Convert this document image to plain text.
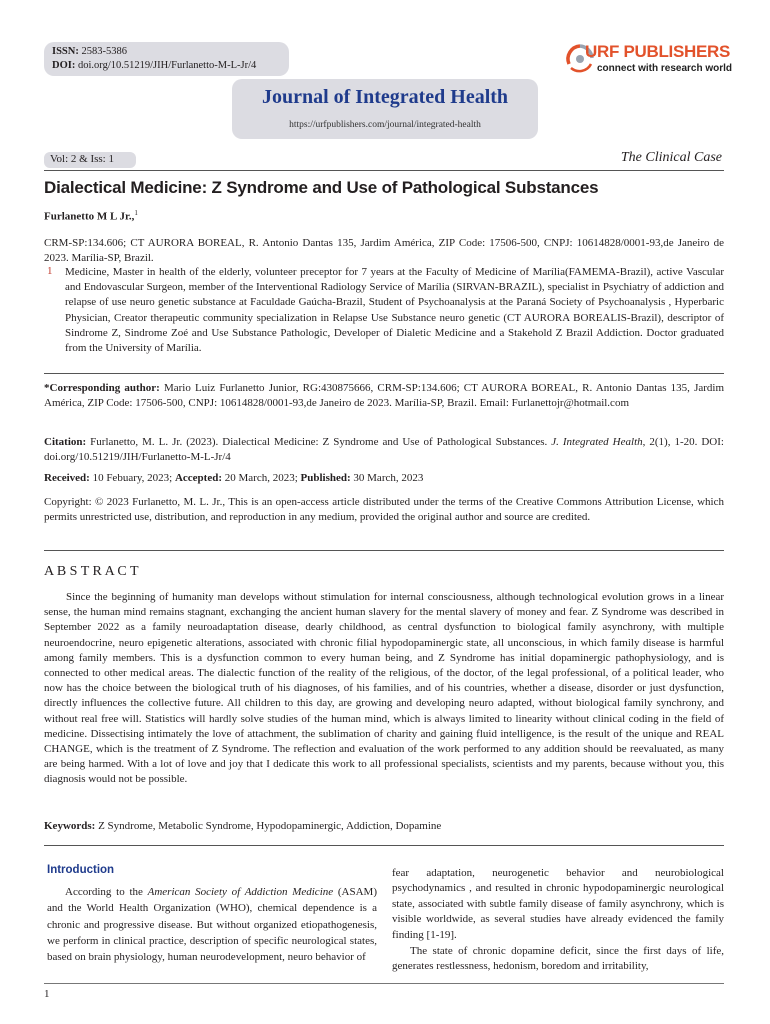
ISSN: 2583-5386
DOI: doi.org/10.51219/JIH/Furlanetto-M-L-Jr/4
URF PUBLISHERS
connect with research world
Journal of Integrated Health
https://urfpublishers.com/journal/integrated-health
Vol: 2 & Iss: 1	The Clinical Case
Dialectical Medicine: Z Syndrome and Use of Pathological Substances
Furlanetto M L Jr.,$^1$
CRM-SP:134.606; CT AURORA BOREAL, R. Antonio Dantas 135, Jardim América, ZIP Code: 17506-500, CNPJ: 10614828/0001-93,de Janeiro de 2023. Marília-SP, Brazil.
1 Medicine, Master in health of the elderly, volunteer preceptor for 7 years at the Faculty of Medicine of Marília(FAMEMA-Brazil), active Vascular and Endovascular Surgeon, member of the Interventional Radiology Service of Marília (SIRVAN-BRAZIL), specialist in Psychiatry of addiction and relapse of use neuro genetic substance at Faculdade Gaúcha-Brazil, Student of Psychoanalysis at the Paraná Society of Psychoanalysis , Hyperbaric Physician, Creator therapeutic community specialization in Relapse Use Substance neuro genetic (CT AURORA BOREALIS-Brazil), descriptor of Sindrome Z, Sindrome Zoé and Use Substance Pathologic, Developer of Dialetic Medicine and a Stakehold Z Brazil Addiction. Doctor graduated from the University of Marília.
*Corresponding author: Mario Luiz Furlanetto Junior, RG:430875666, CRM-SP:134.606; CT AURORA BOREAL, R. Antonio Dantas 135, Jardim América, ZIP Code: 17506-500, CNPJ: 10614828/0001-93,de Janeiro de 2023. Marília-SP, Brazil. Email: Furlanettojr@hotmail.com
Citation: Furlanetto, M. L. Jr. (2023). Dialectical Medicine: Z Syndrome and Use of Pathological Substances. J. Integrated Health, 2(1), 1-20. DOI: doi.org/10.51219/JIH/Furlanetto-M-L-Jr/4
Received: 10 Febuary, 2023; Accepted: 20 March, 2023; Published: 30 March, 2023
Copyright: © 2023 Furlanetto, M. L. Jr., This is an open-access article distributed under the terms of the Creative Commons Attribution License, which permits unrestricted use, distribution, and reproduction in any medium, provided the original author and source are credited.
A B S T R A C T
Since the beginning of humanity man develops without stimulation for internal consciousness, although technological evolution grows in a linear sense, the human mind remains stagnant, exchanging the ancient human slavery for the mental slavery of money and fear. Z Syndrome was described in September 2022 as a family neuroadaptation disease, dearly childhood, as central dysfunction to biological family asynchrony, with multiple neuroendocrine, neuro epigenetic alterations, associated with chronic filial hypodopaminergic state, all unconscious, in which family disease is harmful among family members. This is a dysfunction common to every human being, and Z Syndrome has initial dopaminergic pathophysiology, and is connected to other medical areas. The dialectic function of the reality of the religious, of the doctor, of the legal professional, of a political leader, who now has the choice between the biological truth of his diagnoses, of his families, and of his countries, whether a disease, disorder or just dysfunction, directly influences the collective future. All children to this day, are growing and developing neuro adapted, without biological family synchrony, and without real free will. Statistics will hardly solve studies of the human mind, which is always limited to linearity without clinical coding in the field of medicine. Dissectising intimately the love of attachment, the sublimation of charity and gaining fluid intelligence, is the result of the unique and REAL CHANGE, which is the treatment of Z Syndrome. The reflection and evaluation of the work performed to any addition should be reevaluated, as many are being harmed. With a lot of love and joy that I dedicate this work to all professional specialists, scientists and my parents, because without you, this diagnosis would not be possible.
Keywords: Z Syndrome, Metabolic Syndrome, Hypodopaminergic, Addiction, Dopamine
Introduction
According to the American Society of Addiction Medicine (ASAM) and the World Health Organization (WHO), chemical dependence is a chronic and progressive disease. But without organized etiopathogenesis, we perform in clinical practice, description of specific neurological states, based on brain physiology, human neurodevelopment, neuro behavior of
fear adaptation, neurogenetic behavior and neurobiological psychodynamics , and resulted in chronic hypodopaminergic neurological state, associated with subtle family disease of family asynchrony, which is visible worldwide, as several studies have already evidenced the family finding [1-19].
The state of chronic dopamine deficit, since the first days of life, generates restlessness, hedonism, boredom and irritability,
1
